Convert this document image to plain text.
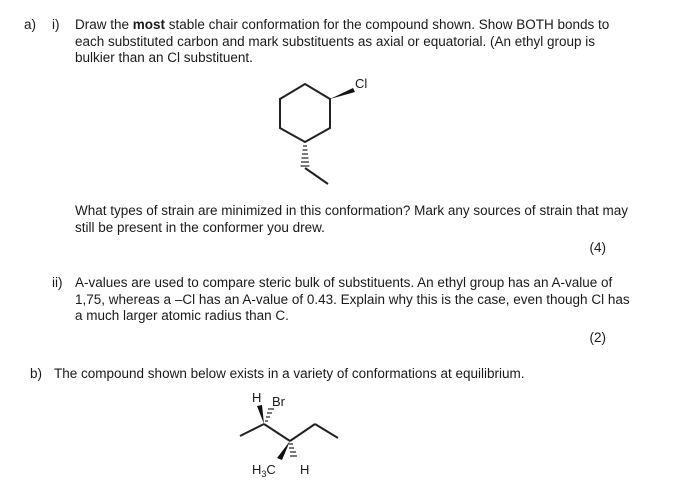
a) i) Draw the most stable chair conformation for the compound shown. Show BOTH bonds to each substituted carbon and mark substituents as axial or equatorial. (An ethyl group is bulkier than an Cl substituent.
Cl
What types of strain are minimized in this conformation? Mark any sources of strain that may still be present in the conformer you drew.
(4)
ii) A-values are used to compare steric bulk of substituents. An ethyl group has an A-value of 1,75, whereas a –Cl has an A-value of 0.43. Explain why this is the case, even though Cl has a much larger atomic radius than C.
(2)
b) The compound shown below exists in a variety of conformations at equilibrium.
H Br
$H_3C$ H
